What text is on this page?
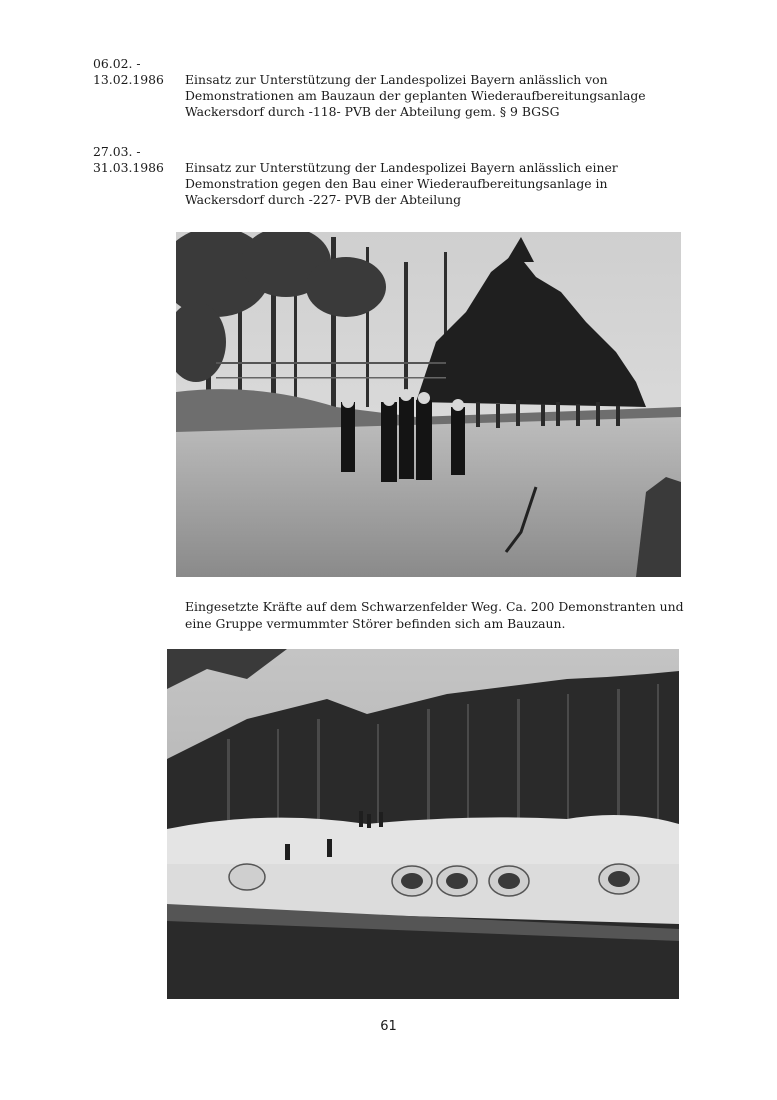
06.02. -
13.02.1986 Einsatz zur Unterstützung der Landespolizei Bayern anlässlich von Demonstrationen am Bauzaun der geplanten Wiederaufbereitungsanlage Wackersdorf durch -118- PVB der Abteilung gem. § 9 BGSG
27.03. -
31.03.1986 Einsatz zur Unterstützung der Landespolizei Bayern anlässlich einer Demonstration gegen den Bau einer Wiederaufbereitungsanlage in Wackersdorf durch -227- PVB der Abteilung
Eingesetzte Kräfte auf dem Schwarzenfelder Weg. Ca. 200 Demonstranten und eine Gruppe vermummter Störer befinden sich am Bauzaun.
61
